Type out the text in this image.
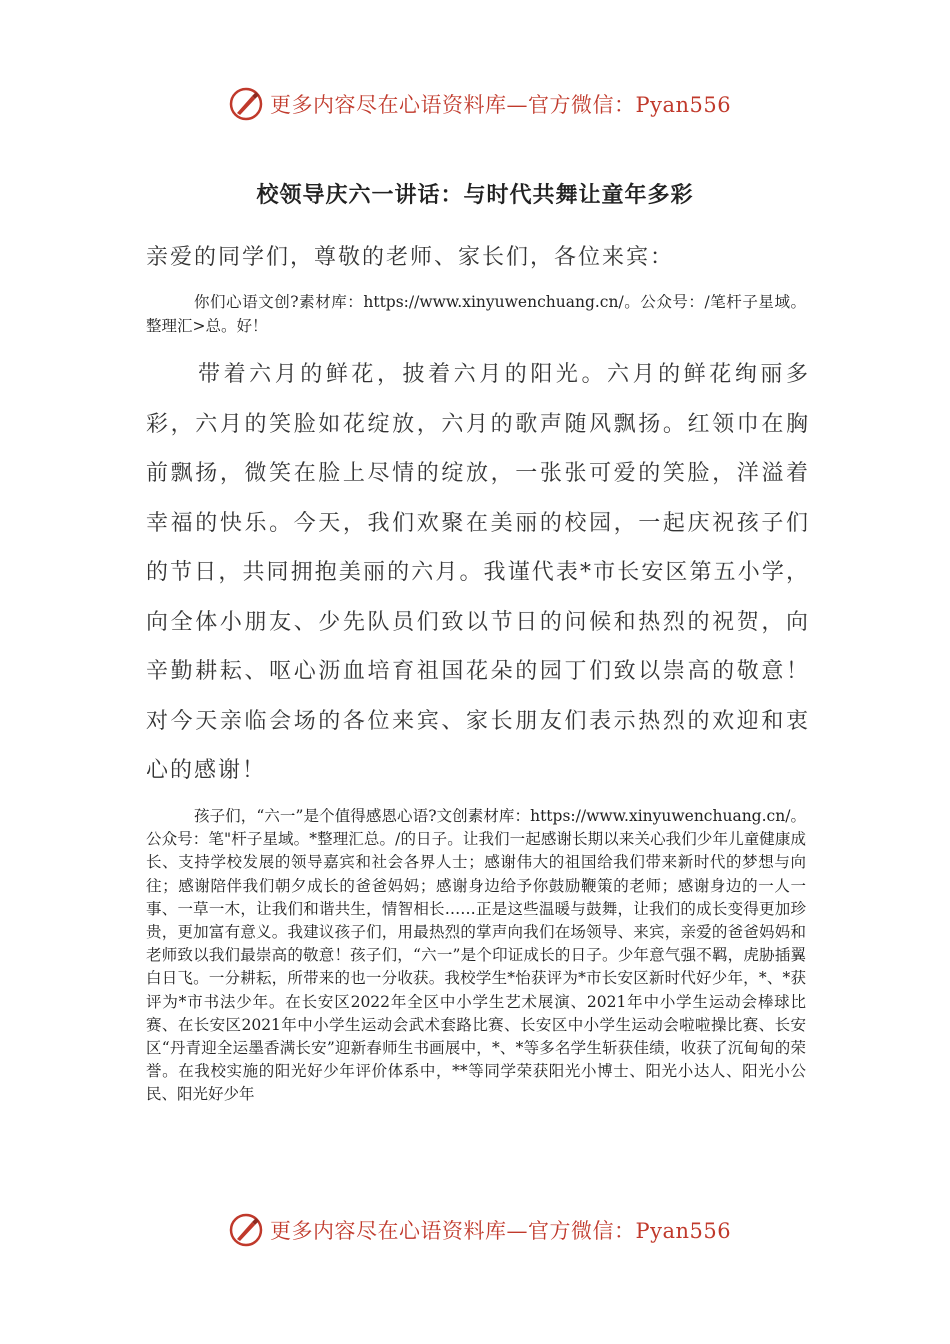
更多内容尽在心语资料库—官方微信：Pyan556
校领导庆六一讲话：与时代共舞让童年多彩
亲爱的同学们，尊敬的老师、家长们，各位来宾：
你们心语文创?素材库：https://www.xinyuwenchuang.cn/。公众号：/笔杆子星域。整理汇>总。好！
带着六月的鲜花，披着六月的阳光。六月的鲜花绚丽多彩，六月的笑脸如花绽放，六月的歌声随风飘扬。红领巾在胸前飘扬，微笑在脸上尽情的绽放，一张张可爱的笑脸，洋溢着幸福的快乐。今天，我们欢聚在美丽的校园，一起庆祝孩子们的节日，共同拥抱美丽的六月。我谨代表*市长安区第五小学，向全体小朋友、少先队员们致以节日的问候和热烈的祝贺，向辛勤耕耘、呕心沥血培育祖国花朵的园丁们致以崇高的敬意！对今天亲临会场的各位来宾、家长朋友们表示热烈的欢迎和衷心的感谢！
孩子们，“六一”是个值得感恩心语?文创素材库：https://www.xinyuwenchuang.cn/。公众号：笔"杆子星域。*整理汇总。/的日子。让我们一起感谢长期以来关心我们少年儿童健康成长、支持学校发展的领导嘉宾和社会各界人士；感谢伟大的祖国给我们带来新时代的梦想与向往；感谢陪伴我们朝夕成长的爸爸妈妈；感谢身边给予你鼓励鞭策的老师；感谢身边的一人一事、一草一木，让我们和谐共生，情智相长……正是这些温暖与鼓舞，让我们的成长变得更加珍贵，更加富有意义。我建议孩子们，用最热烈的掌声向我们在场领导、来宾，亲爱的爸爸妈妈和老师致以我们最崇高的敬意！孩子们，“六一”是个印证成长的日子。少年意气强不羁，虎胁插翼白日飞。一分耕耘，所带来的也一分收获。我校学生*怡获评为*市长安区新时代好少年，*、*获评为*市书法少年。在长安区2022年全区中小学生艺术展演、2021年中小学生运动会棒球比赛、在长安区2021年中小学生运动会武术套路比赛、长安区中小学生运动会啦啦操比赛、长安区“丹青迎全运墨香满长安”迎新春师生书画展中，*、*等多名学生斩获佳绩，收获了沉甸甸的荣誉。在我校实施的阳光好少年评价体系中，**等同学荣获阳光小博士、阳光小达人、阳光小公民、阳光好少年
更多内容尽在心语资料库—官方微信：Pyan556
